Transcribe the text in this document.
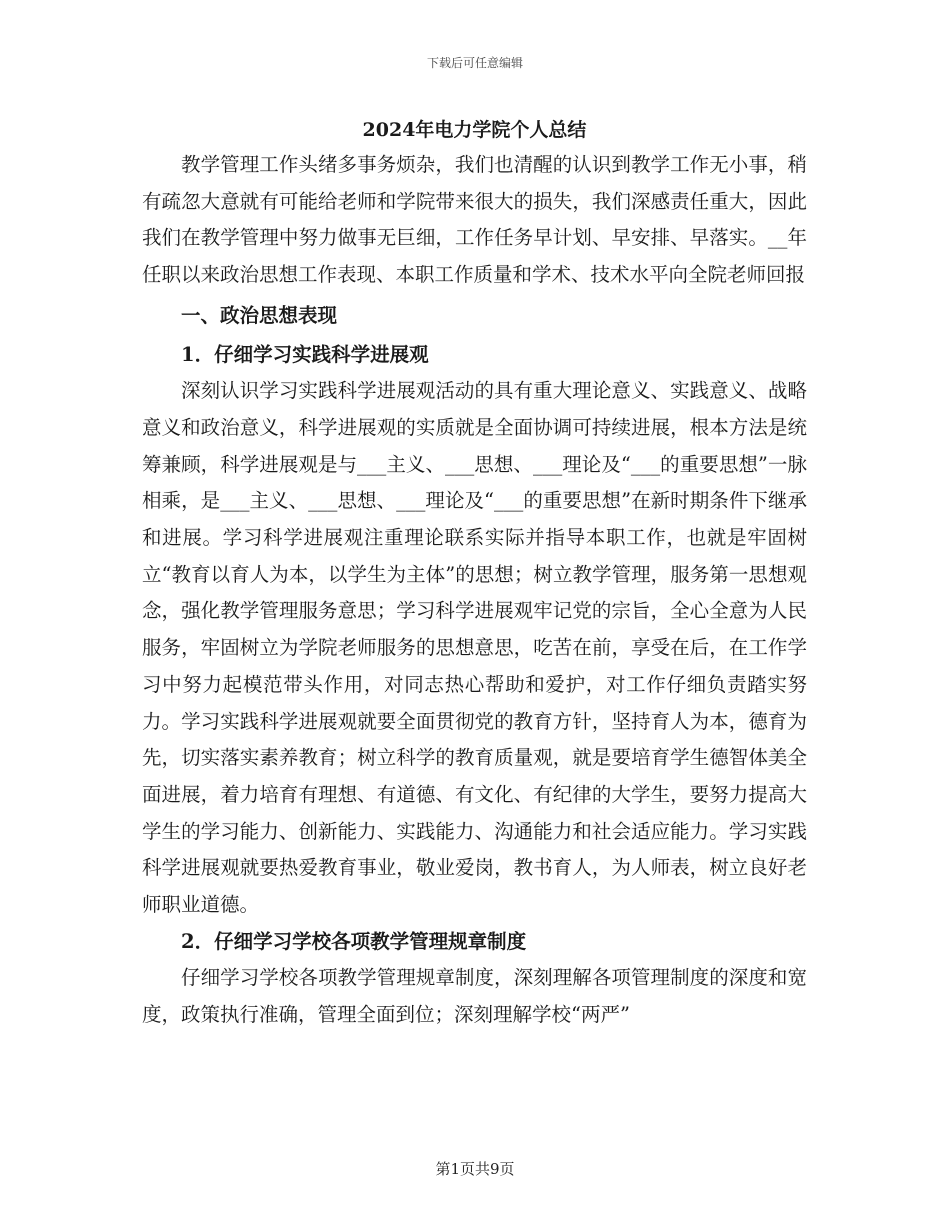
下载后可任意编辑
2024年电力学院个人总结

教学管理工作头绪多事务烦杂，我们也清醒的认识到教学工作无小事，稍有疏忽大意就有可能给老师和学院带来很大的损失，我们深感责任重大，因此我们在教学管理中努力做事无巨细，工作任务早计划、早安排、早落实。__年任职以来政治思想工作表现、本职工作质量和学术、技术水平向全院老师回报

一、政治思想表现

1．仔细学习实践科学进展观

深刻认识学习实践科学进展观活动的具有重大理论意义、实践意义、战略意义和政治意义，科学进展观的实质就是全面协调可持续进展，根本方法是统筹兼顾，科学进展观是与___主义、___思想、___理论及“___的重要思想”一脉相乘，是___主义、___思想、___理论及“___的重要思想”在新时期条件下继承和进展。学习科学进展观注重理论联系实际并指导本职工作，也就是牢固树立“教育以育人为本，以学生为主体”的思想；树立教学管理，服务第一思想观念，强化教学管理服务意思；学习科学进展观牢记党的宗旨，全心全意为人民服务，牢固树立为学院老师服务的思想意思，吃苦在前，享受在后，在工作学习中努力起模范带头作用，对同志热心帮助和爱护，对工作仔细负责踏实努力。学习实践科学进展观就要全面贯彻党的教育方针，坚持育人为本，德育为先，切实落实素养教育；树立科学的教育质量观，就是要培育学生德智体美全面进展，着力培育有理想、有道德、有文化、有纪律的大学生，要努力提高大学生的学习能力、创新能力、实践能力、沟通能力和社会适应能力。学习实践科学进展观就要热爱教育事业，敬业爱岗，教书育人，为人师表，树立良好老师职业道德。

2．仔细学习学校各项教学管理规章制度

仔细学习学校各项教学管理规章制度，深刻理解各项管理制度的深度和宽度，政策执行准确，管理全面到位；深刻理解学校“两严”

第1页共9页
